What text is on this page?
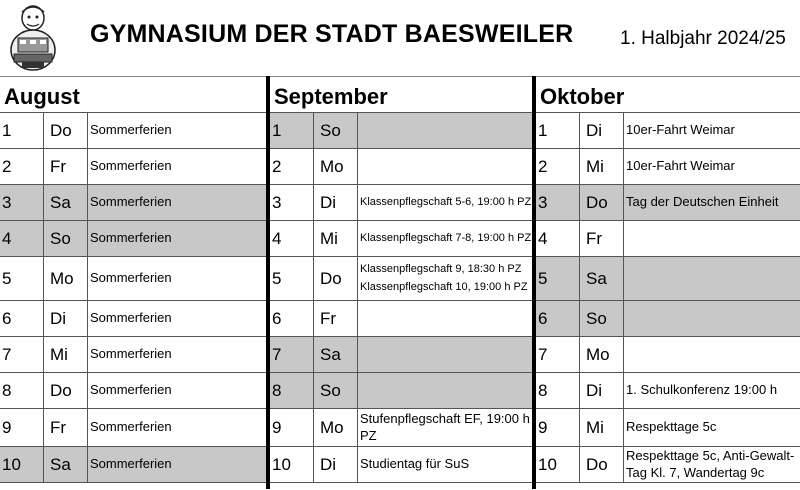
GYMNASIUM DER STADT BAESWEILER 1. Halbjahr 2024/25
August
1	Do	Sommerferien
2	Fr	Sommerferien
3	Sa	Sommerferien
4	So	Sommerferien
5	Mo	Sommerferien
6	Di	Sommerferien
7	Mi	Sommerferien
8	Do	Sommerferien
9	Fr	Sommerferien
10	Sa	Sommerferien
September
1	So
2	Mo
3	Di	Klassenpflegschaft 5-6, 19:00 h PZ
4	Mi	Klassenpflegschaft 7-8, 19:00 h PZ
5	Do	Klassenpflegschaft 9, 18:30 h PZ
Klassenpflegschaft 10, 19:00 h PZ
6	Fr
7	Sa
8	So
9	Mo	Stufenpflegschaft EF, 19:00 h PZ
10	Di	Studientag für SuS
Oktober
1	Di	10er-Fahrt Weimar
2	Mi	10er-Fahrt Weimar
3	Do	Tag der Deutschen Einheit
4	Fr
5	Sa
6	So
7	Mo
8	Di	1. Schulkonferenz 19:00 h
9	Mi	Respekttage 5c
10	Do	Respekttage 5c, Anti-Gewalt-Tag Kl. 7, Wandertag 9c
